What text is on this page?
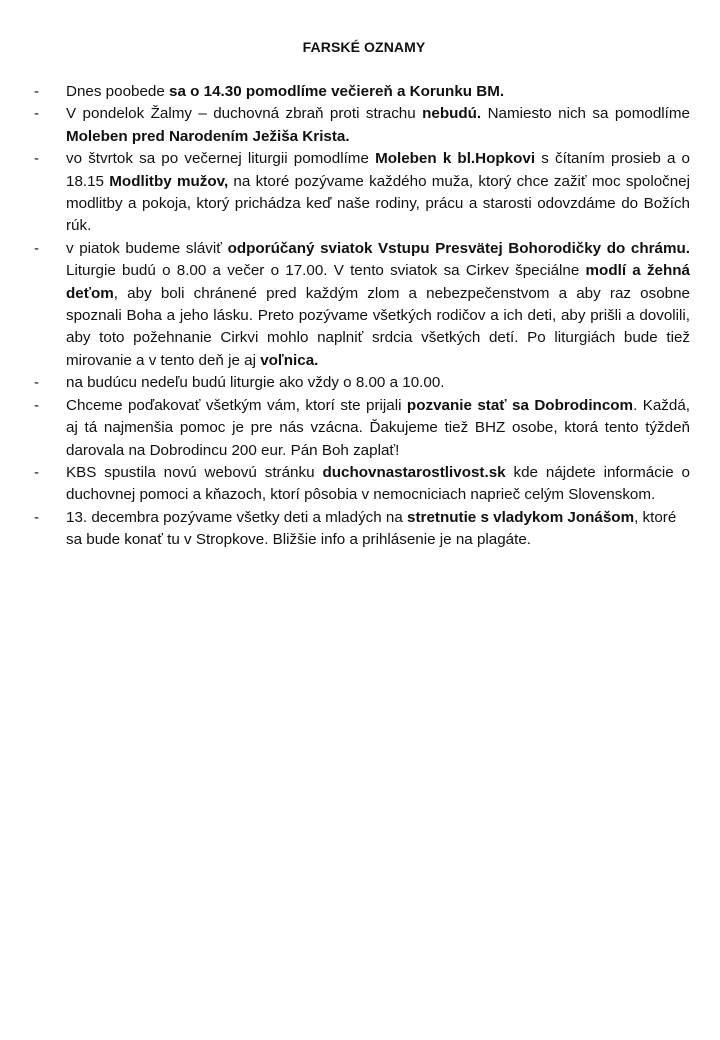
FARSKÉ OZNAMY
- Dnes poobede sa o 14.30 pomodlíme večiereň a Korunku BM.
- V pondelok Žalmy – duchovná zbraň proti strachu nebudú. Namiesto nich sa pomodlíme Moleben pred Narodením Ježiša Krista.
- vo štvrtok sa po večernej liturgii pomodlíme Moleben k bl.Hopkovi s čítaním prosieb a o 18.15 Modlitby mužov, na ktoré pozývame každého muža, ktorý chce zažiť moc spoločnej modlitby a pokoja, ktorý prichádza keď naše rodiny, prácu a starosti odovzdáme do Božích rúk.
- v piatok budeme sláviť odporúčaný sviatok Vstupu Presvätej Bohorodičky do chrámu. Liturgie budú o 8.00 a večer o 17.00. V tento sviatok sa Cirkev špeciálne modlí a žehná deťom, aby boli chránené pred každým zlom a nebezpečenstvom a aby raz osobne spoznali Boha a jeho lásku. Preto pozývame všetkých rodičov a ich deti, aby prišli a dovolili, aby toto požehnanie Cirkvi mohlo naplniť srdcia všetkých detí. Po liturgiách bude tiež mirovanie a v tento deň je aj voľnica.
- na budúcu nedeľu budú liturgie ako vždy o 8.00 a 10.00.
- Chceme poďakovať všetkým vám, ktorí ste prijali pozvanie stať sa Dobrodincom. Každá, aj tá najmenšia pomoc je pre nás vzácna. Ďakujeme tiež BHZ osobe, ktorá tento týždeň darovala na Dobrodincu 200 eur. Pán Boh zaplať!
- KBS spustila novú webovú stránku duchovnastarostlivost.sk kde nájdete informácie o duchovnej pomoci a kňazoch, ktorí pôsobia v nemocniciach naprieč celým Slovenskom.
- 13. decembra pozývame všetky deti a mladých na stretnutie s vladykom Jonášom, ktoré sa bude konať tu v Stropkove. Bližšie info a prihlásenie je na plagáte.
